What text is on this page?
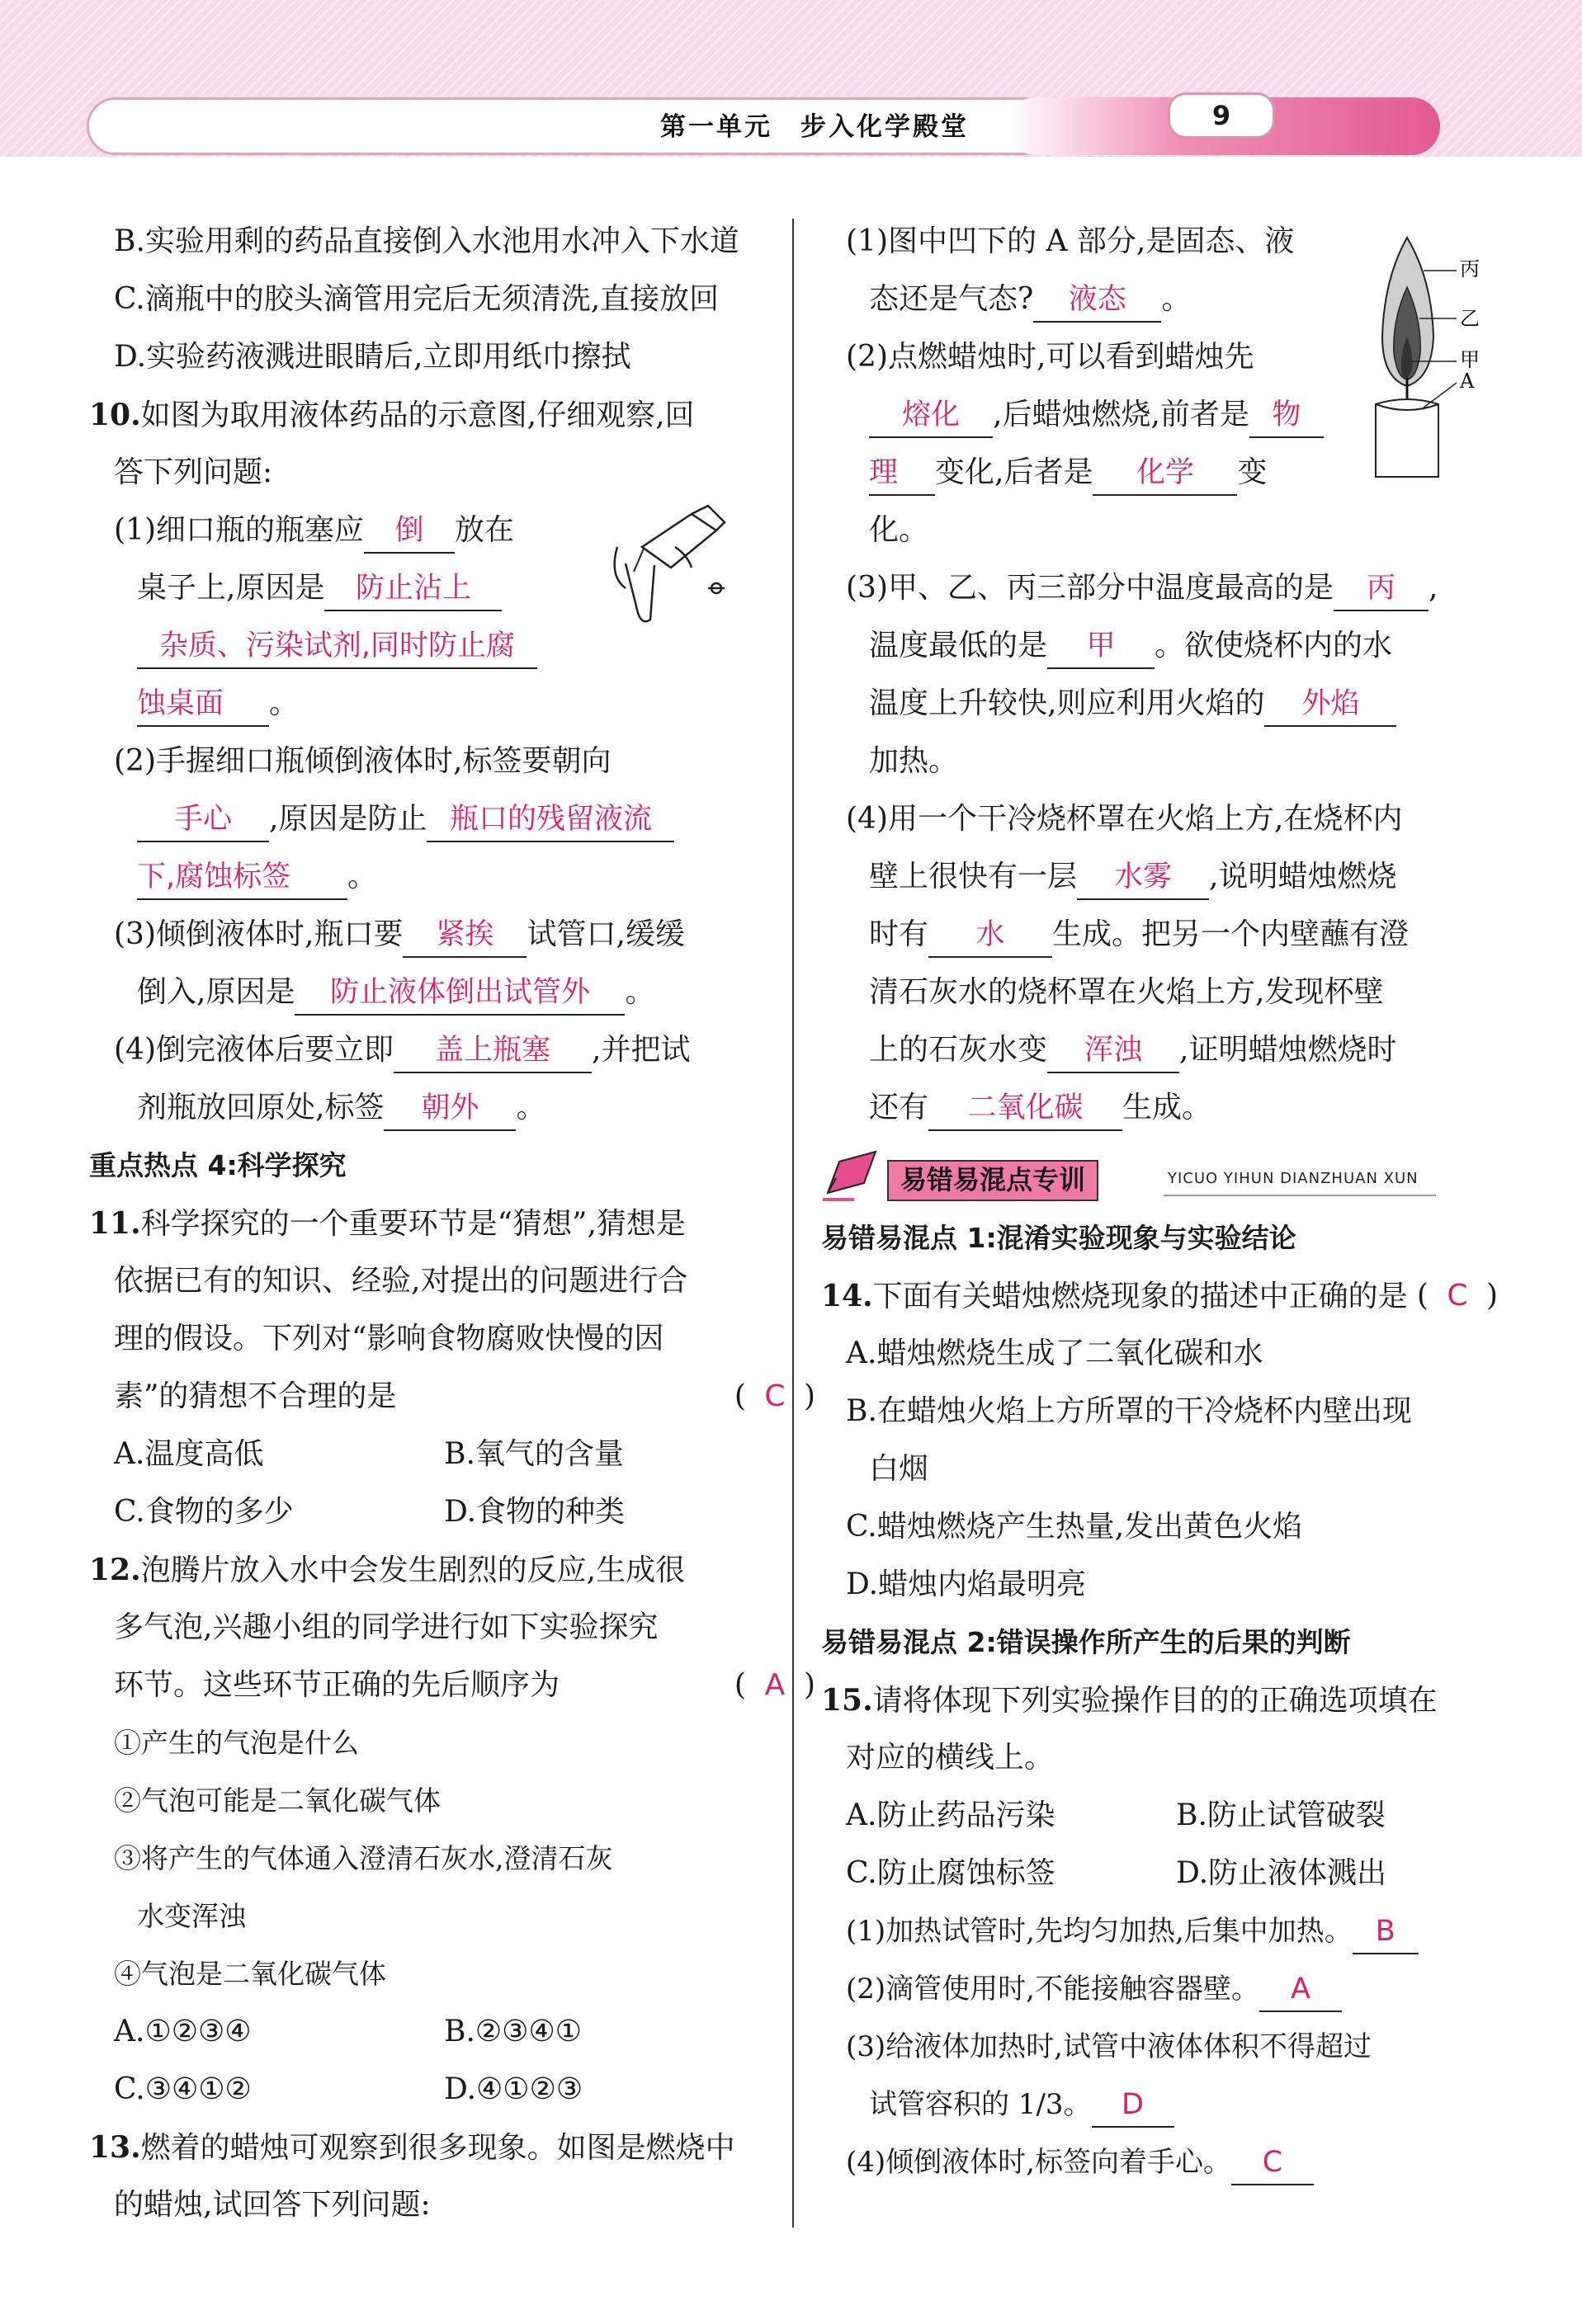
第一单元　步入化学殿堂	9
B.实验用剩的药品直接倒入水池用水冲入下水道
C.滴瓶中的胶头滴管用完后无须清洗,直接放回
D.实验药液溅进眼睛后,立即用纸巾擦拭
10.如图为取用液体药品的示意图,仔细观察,回
答下列问题:
(1)细口瓶的瓶塞应 倒 放在
桌子上,原因是 防止沾上
杂质、污染试剂,同时防止腐
蚀桌面 。
(2)手握细口瓶倾倒液体时,标签要朝向
手心 ,原因是防止 瓶口的残留液流
下,腐蚀标签 。
(3)倾倒液体时,瓶口要 紧挨 试管口,缓缓
倒入,原因是 防止液体倒出试管外 。
(4)倒完液体后要立即 盖上瓶塞 ,并把试
剂瓶放回原处,标签 朝外 。
重点热点 4:科学探究
11.科学探究的一个重要环节是“猜想”,猜想是
依据已有的知识、经验,对提出的问题进行合
理的假设。下列对“影响食物腐败快慢的因
素”的猜想不合理的是	( C )
A.温度高低	B.氧气的含量
C.食物的多少	D.食物的种类
12.泡腾片放入水中会发生剧烈的反应,生成很
多气泡,兴趣小组的同学进行如下实验探究
环节。这些环节正确的先后顺序为	( A )
①产生的气泡是什么
②气泡可能是二氧化碳气体
③将产生的气体通入澄清石灰水,澄清石灰
水变浑浊
④气泡是二氧化碳气体
A.①②③④	B.②③④①
C.③④①②	D.④①②③
13.燃着的蜡烛可观察到很多现象。如图是燃烧中
的蜡烛,试回答下列问题:
丙
乙
甲
A
(1)图中凹下的 A 部分,是固态、液
态还是气态? 液态 。
(2)点燃蜡烛时,可以看到蜡烛先
熔化 ,后蜡烛燃烧,前者是 物
理 变化,后者是 化学 变
化。
(3)甲、乙、丙三部分中温度最高的是 丙 ,
温度最低的是 甲 。欲使烧杯内的水
温度上升较快,则应利用火焰的 外焰
加热。
(4)用一个干冷烧杯罩在火焰上方,在烧杯内
壁上很快有一层 水雾 ,说明蜡烛燃烧
时有 水 生成。把另一个内壁蘸有澄
清石灰水的烧杯罩在火焰上方,发现杯壁
上的石灰水变 浑浊 ,证明蜡烛燃烧时
还有 二氧化碳 生成。
易错易混点专训	YICUO YIHUN DIANZHUAN XUN
易错易混点 1:混淆实验现象与实验结论
14.下面有关蜡烛燃烧现象的描述中正确的是 ( C )
A.蜡烛燃烧生成了二氧化碳和水
B.在蜡烛火焰上方所罩的干冷烧杯内壁出现
白烟
C.蜡烛燃烧产生热量,发出黄色火焰
D.蜡烛内焰最明亮
易错易混点 2:错误操作所产生的后果的判断
15.请将体现下列实验操作目的的正确选项填在
对应的横线上。
A.防止药品污染	B.防止试管破裂
C.防止腐蚀标签	D.防止液体溅出
(1)加热试管时,先均匀加热,后集中加热。 B
(2)滴管使用时,不能接触容器壁。 A
(3)给液体加热时,试管中液体体积不得超过
试管容积的 1/3。 D
(4)倾倒液体时,标签向着手心。 C
